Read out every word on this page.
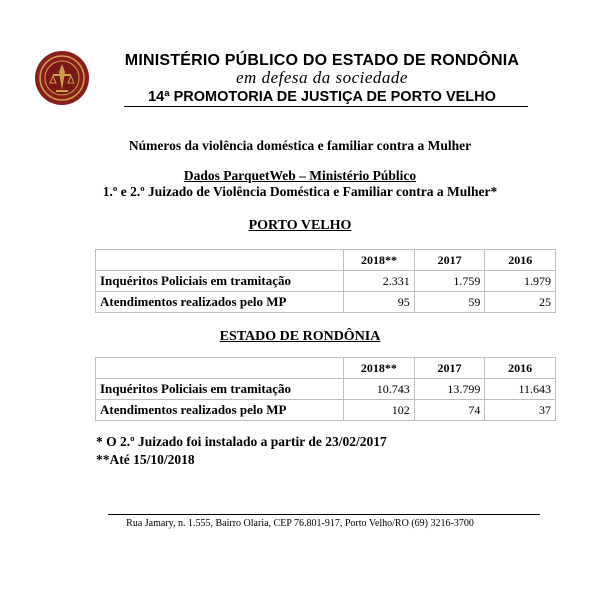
MINISTÉRIO PÚBLICO DO ESTADO DE RONDÔNIA
em defesa da sociedade
14ª PROMOTORIA DE JUSTIÇA DE PORTO VELHO
Números da violência doméstica e familiar contra a Mulher
Dados ParquetWeb – Ministério Público
1.º e 2.º Juizado de Violência Doméstica e Familiar contra a Mulher*
PORTO VELHO
	2018**	2017	2016
Inquéritos Policiais em tramitação	2.331	1.759	1.979
Atendimentos realizados pelo MP	95	59	25
ESTADO DE RONDÔNIA
	2018**	2017	2016
Inquéritos Policiais em tramitação	10.743	13.799	11.643
Atendimentos realizados pelo MP	102	74	37
* O 2.º Juizado foi instalado a partir de 23/02/2017
**Até 15/10/2018
Rua Jamary, n. 1.555, Bairro Olaria, CEP 76.801-917, Porto Velho/RO (69) 3216-3700
